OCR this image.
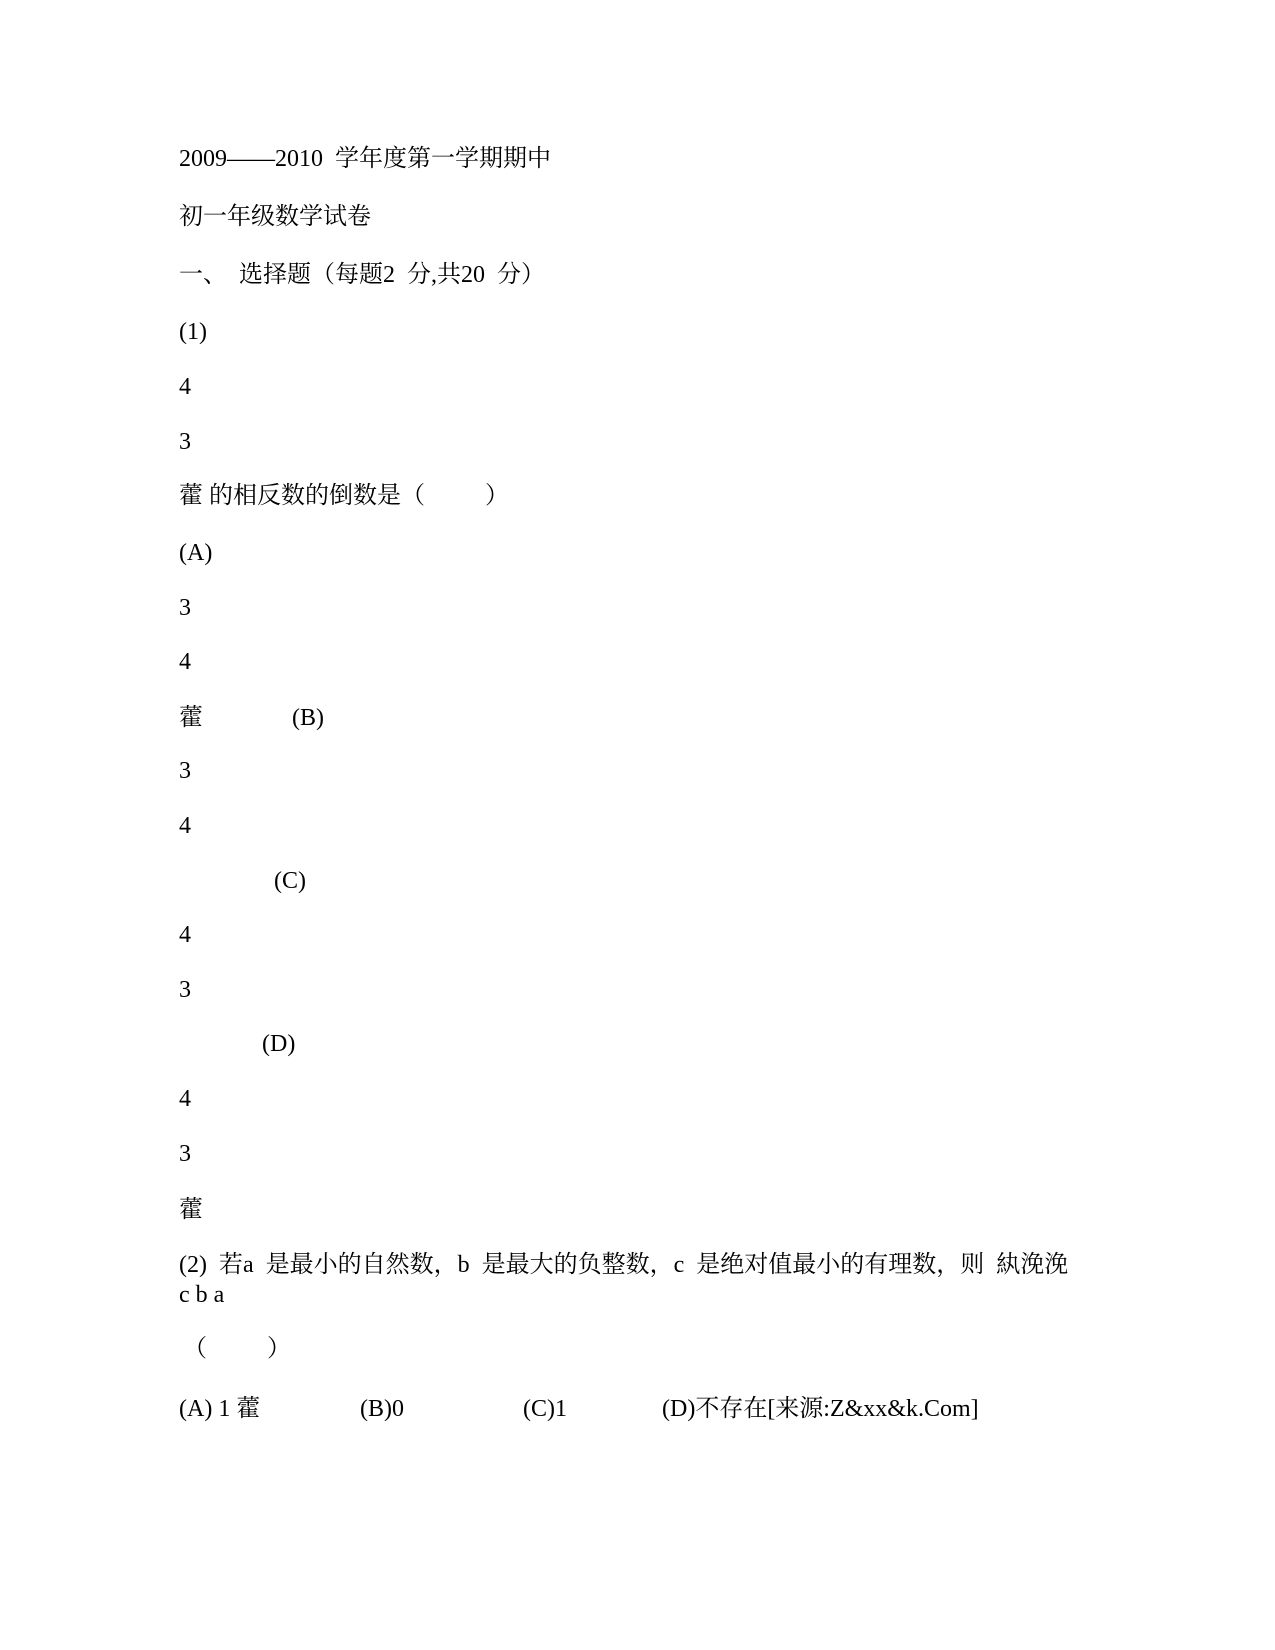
2009——2010  学年度第一学期期中
初一年级数学试卷
一、  选择题（每题2  分,共20  分）
(1)
4
3
藿 的相反数的倒数是（          ）
(A)
3
4
藿	(B)
3
4
(C)
4
3
(D)
4
3
藿
(2)  若a  是最小的自然数，b  是最大的负整数，c  是绝对值最小的有理数，则  紈浼浼
c b a
（          ）
(A) 1 藿	(B)0	(C)1	(D)不存在[来源:Z&xx&k.Com]
